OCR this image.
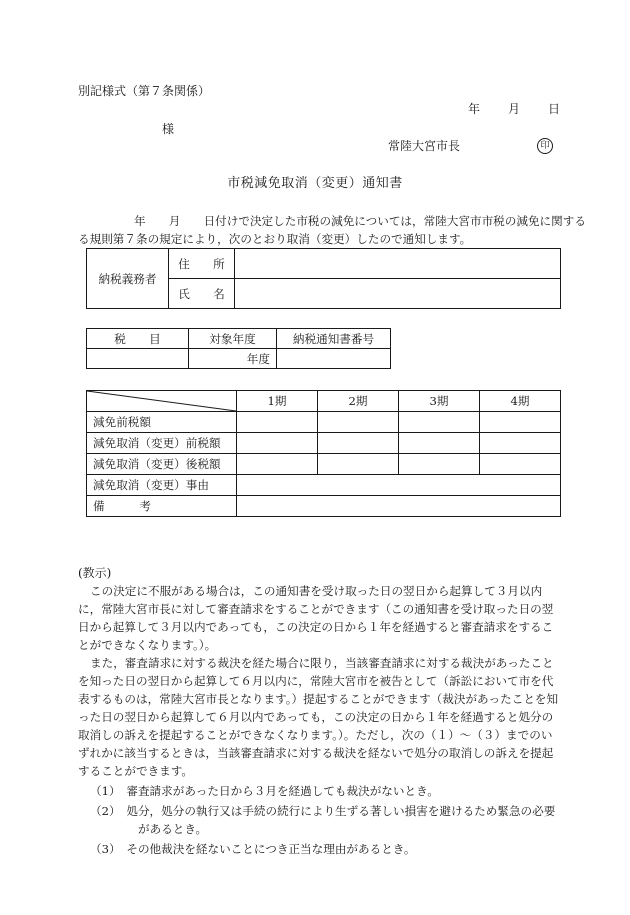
別記様式（第７条関係）
年 月 日
様
常陸大宮市長	印
市税減免取消（変更）通知書
年　　月　　日付けで決定した市税の減免については，常陸大宮市市税の減免に関する
る規則第７条の規定により，次のとおり取消（変更）したので通知します。
納税義務者	住　　所	
	氏　　名	
税　　目	対象年度	納税通知書番号
	年度	
	1期	2期	3期	4期
減免前税額				
減免取消（変更）前税額				
減免取消（変更）後税額				
減免取消（変更）事由				
備　　　考				
(教示)

この決定に不服がある場合は，この通知書を受け取った日の翌日から起算して３月以内に，常陸大宮市長に対して審査請求をすることができます（この通知書を受け取った日の翌日から起算して３月以内であっても，この決定の日から１年を経過すると審査請求をすることができなくなります。）。

また，審査請求に対する裁決を経た場合に限り，当該審査請求に対する裁決があったことを知った日の翌日から起算して６月以内に，常陸大宮市を被告として（訴訟において市を代表するものは，常陸大宮市長となります。）提起することができます（裁決があったことを知った日の翌日から起算して６月以内であっても，この決定の日から１年を経過すると処分の取消しの訴えを提起することができなくなります。）。ただし，次の（１）～（３）までのいずれかに該当するときは，当該審査請求に対する裁決を経ないで処分の取消しの訴えを提起することができます。

（1）　審査請求があった日から３月を経過しても裁決がないとき。

（2）　処分，処分の執行又は手続の続行により生ずる著しい損害を避けるため緊急の必要があるとき。

（3）　その他裁決を経ないことにつき正当な理由があるとき。
